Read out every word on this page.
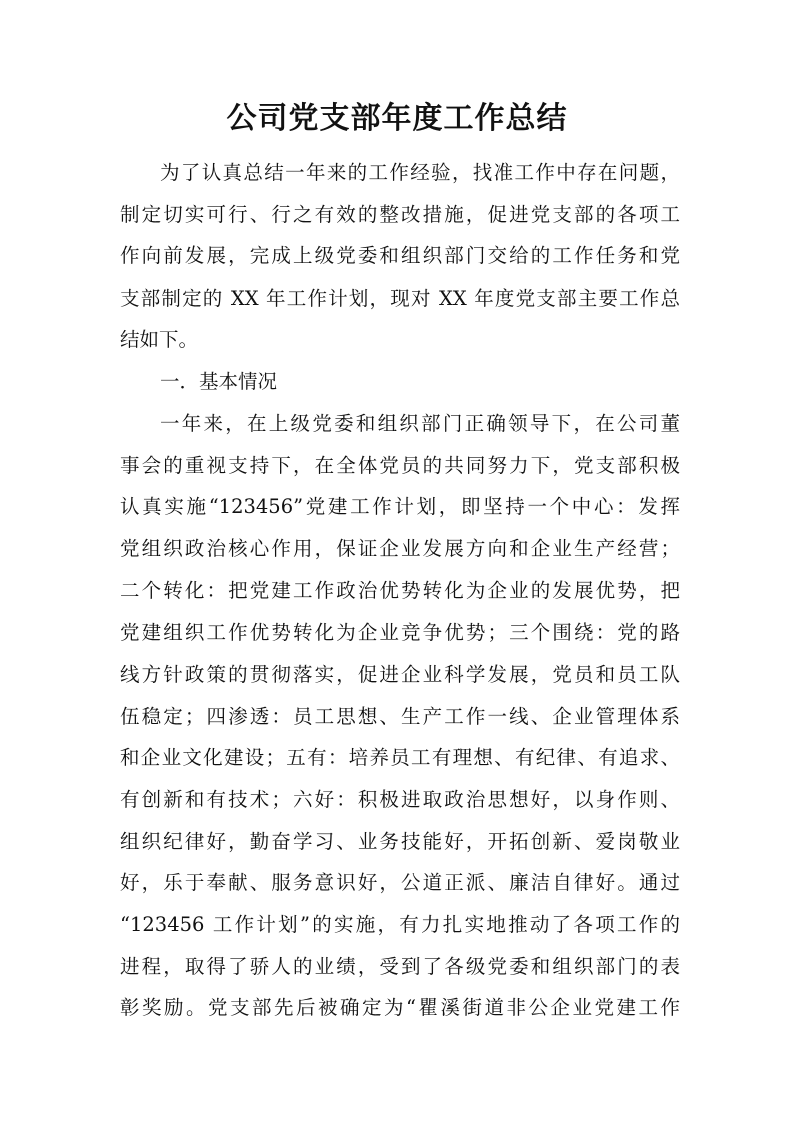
公司党支部年度工作总结
为了认真总结一年来的工作经验，找准工作中存在问题，
制定切实可行、行之有效的整改措施，促进党支部的各项工
作向前发展，完成上级党委和组织部门交给的工作任务和党
支部制定的 XX 年工作计划，现对 XX 年度党支部主要工作总
结如下。
一．基本情况
一年来，在上级党委和组织部门正确领导下，在公司董
事会的重视支持下，在全体党员的共同努力下，党支部积极
认真实施“123456”党建工作计划，即坚持一个中心：发挥
党组织政治核心作用，保证企业发展方向和企业生产经营；
二个转化：把党建工作政治优势转化为企业的发展优势，把
党建组织工作优势转化为企业竞争优势；三个围绕：党的路
线方针政策的贯彻落实，促进企业科学发展，党员和员工队
伍稳定；四渗透：员工思想、生产工作一线、企业管理体系
和企业文化建设；五有：培养员工有理想、有纪律、有追求、
有创新和有技术；六好：积极进取政治思想好，以身作则、
组织纪律好，勤奋学习、业务技能好，开拓创新、爱岗敬业
好，乐于奉献、服务意识好，公道正派、廉洁自律好。通过
“123456 工作计划”的实施，有力扎实地推动了各项工作的
进程，取得了骄人的业绩，受到了各级党委和组织部门的表
彰奖励。党支部先后被确定为“瞿溪街道非公企业党建工作
